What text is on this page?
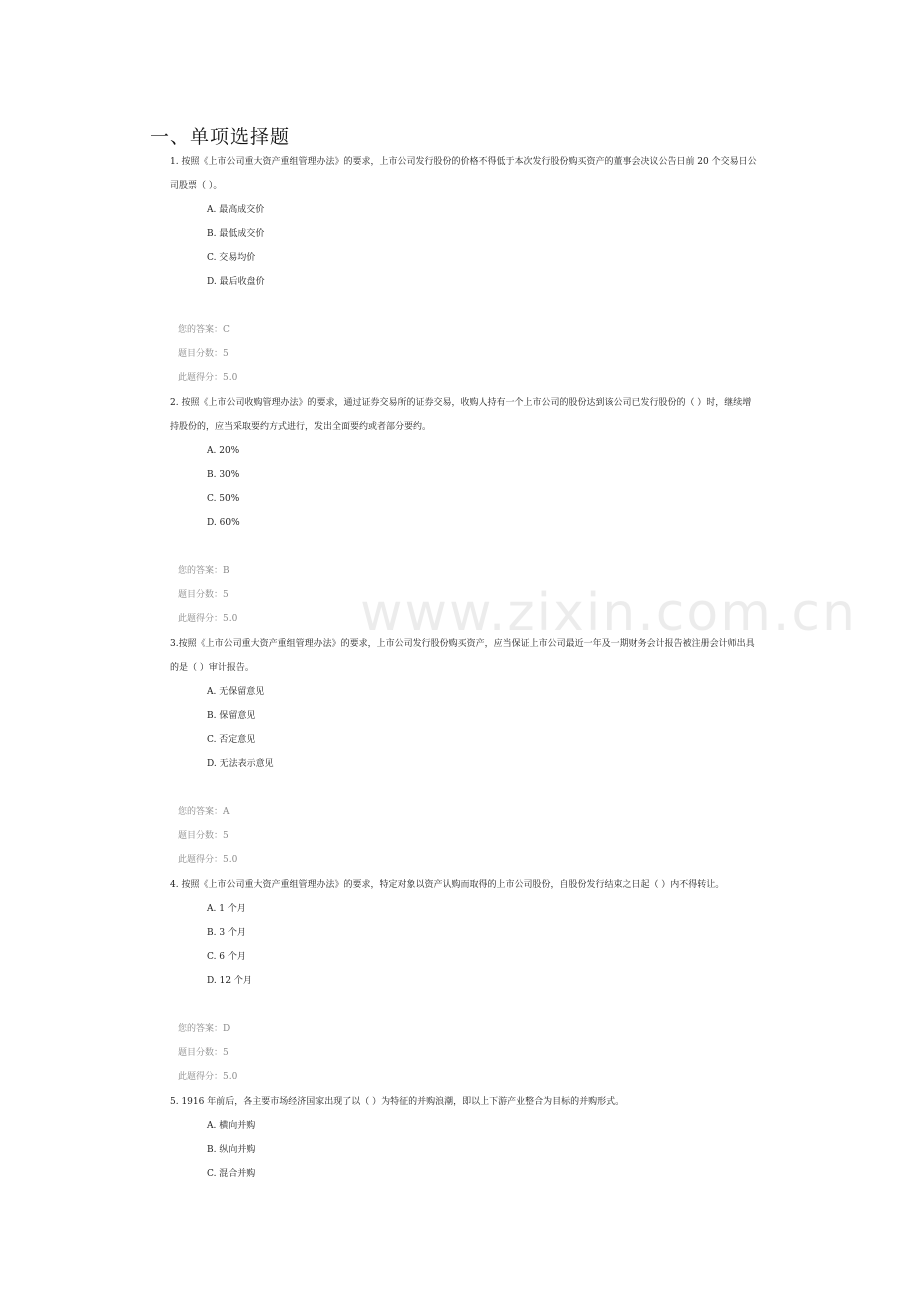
www.zixin.com.cn
一、单项选择题
1. 按照《上市公司重大资产重组管理办法》的要求，上市公司发行股份的价格不得低于本次发行股份购买资产的董事会决议公告日前 20 个交易日公
司股票（ ）。
A. 最高成交价
B. 最低成交价
C. 交易均价
D. 最后收盘价
您的答案：C
题目分数：5
此题得分：5.0
2. 按照《上市公司收购管理办法》的要求，通过证券交易所的证券交易，收购人持有一个上市公司的股份达到该公司已发行股份的（ ）时，继续增
持股份的，应当采取要约方式进行，发出全面要约或者部分要约。
A. 20%
B. 30%
C. 50%
D. 60%
您的答案：B
题目分数：5
此题得分：5.0
3.按照《上市公司重大资产重组管理办法》的要求，上市公司发行股份购买资产，应当保证上市公司最近一年及一期财务会计报告被注册会计师出具
的是（ ）审计报告。
A. 无保留意见
B. 保留意见
C. 否定意见
D. 无法表示意见
您的答案：A
题目分数：5
此题得分：5.0
4. 按照《上市公司重大资产重组管理办法》的要求，特定对象以资产认购而取得的上市公司股份，自股份发行结束之日起（ ）内不得转让。
A. 1 个月
B. 3 个月
C. 6 个月
D. 12 个月
您的答案：D
题目分数：5
此题得分：5.0
5. 1916 年前后，各主要市场经济国家出现了以（ ）为特征的并购浪潮，即以上下游产业整合为目标的并购形式。
A. 横向并购
B. 纵向并购
C. 混合并购
